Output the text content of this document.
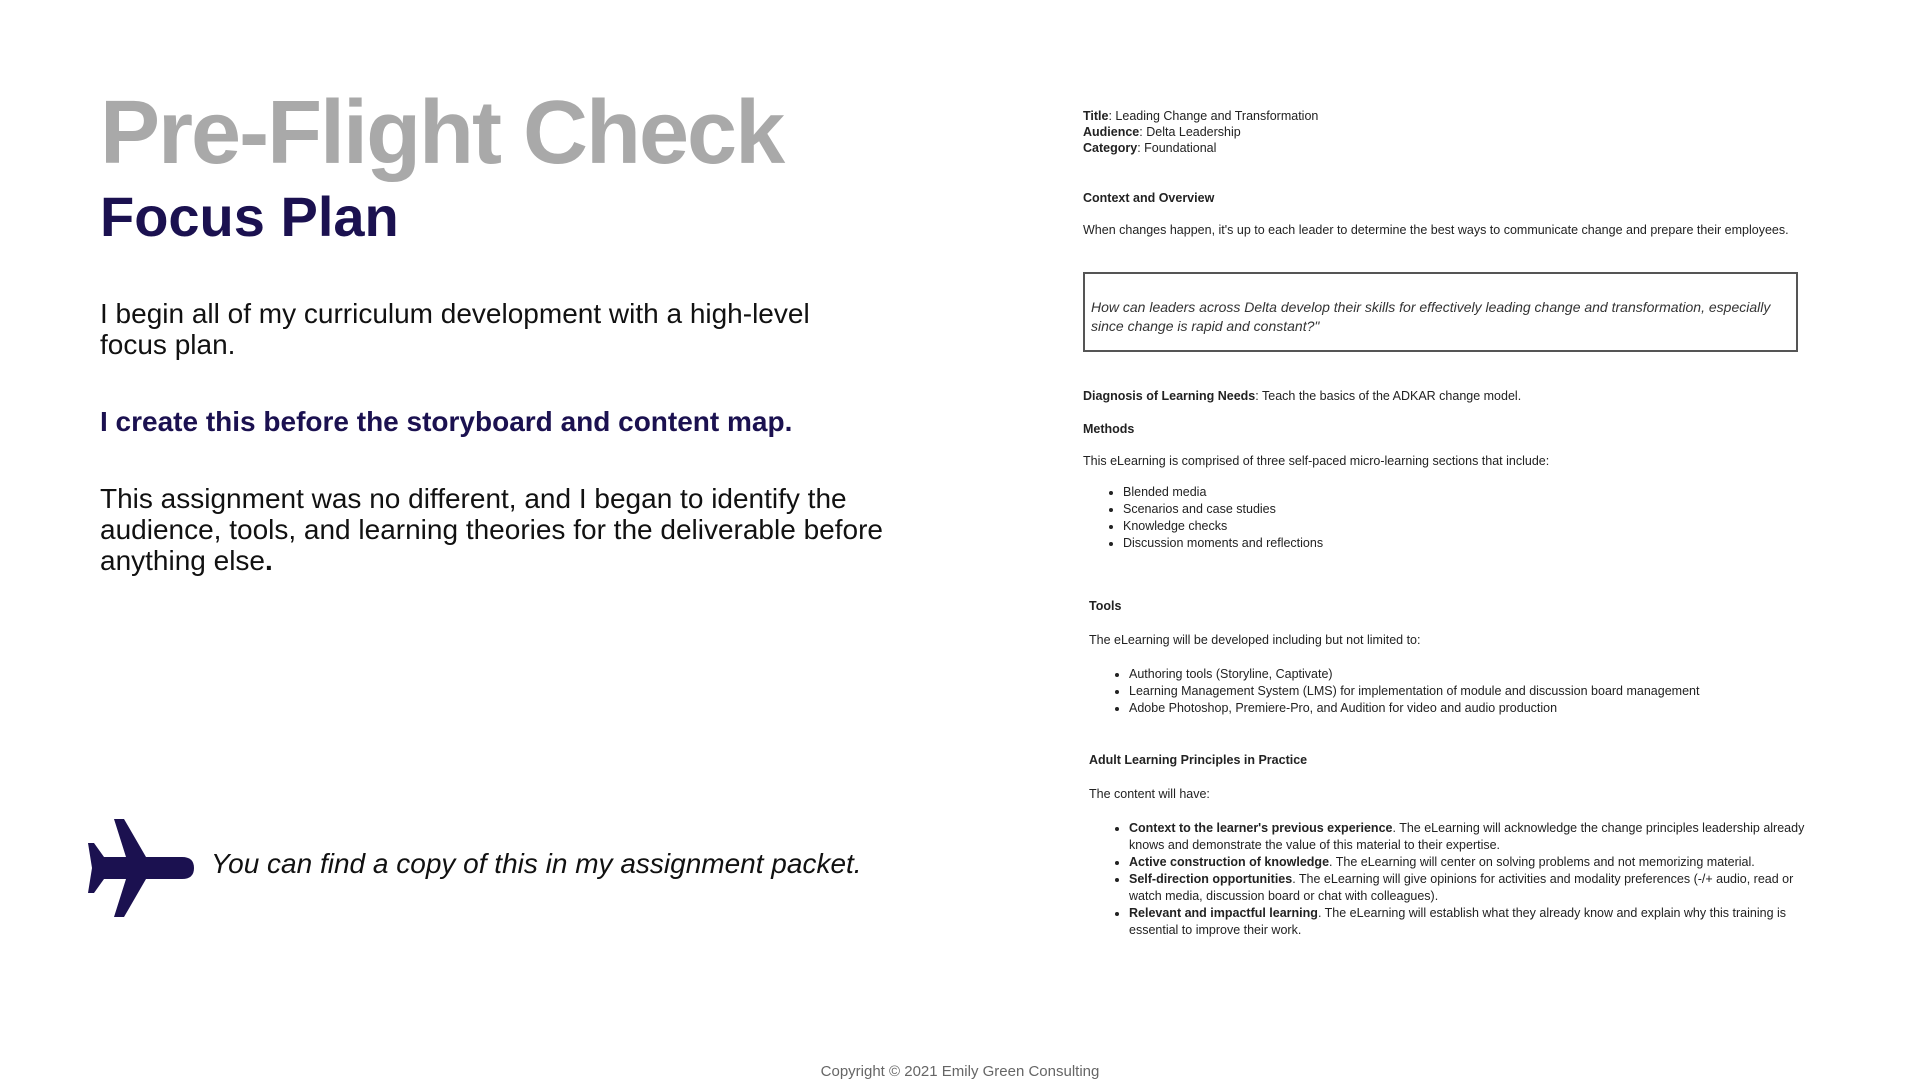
Pre-Flight Check
Focus Plan

I begin all of my curriculum development with a high-level focus plan.

I create this before the storyboard and content map.

This assignment was no different, and I began to identify the audience, tools, and learning theories for the deliverable before anything else.

You can find a copy of this in my assignment packet.
Title: Leading Change and Transformation
Audience: Delta Leadership
Category: Foundational
Context and Overview
When changes happen, it's up to each leader to determine the best ways to communicate change and prepare their employees.
How can leaders across Delta develop their skills for effectively leading change and transformation, especially since change is rapid and constant?"
Diagnosis of Learning Needs: Teach the basics of the ADKAR change model.
Methods
This eLearning is comprised of three self-paced micro-learning sections that include:
• Blended media
• Scenarios and case studies
• Knowledge checks
• Discussion moments and reflections
Tools
The eLearning will be developed including but not limited to:
• Authoring tools (Storyline, Captivate)
• Learning Management System (LMS) for implementation of module and discussion board management
• Adobe Photoshop, Premiere-Pro, and Audition for video and audio production
Adult Learning Principles in Practice
The content will have:
• Context to the learner's previous experience. The eLearning will acknowledge the change principles leadership already knows and demonstrate the value of this material to their expertise.
• Active construction of knowledge. The eLearning will center on solving problems and not memorizing material.
• Self-direction opportunities. The eLearning will give opinions for activities and modality preferences (-/+ audio, read or watch media, discussion board or chat with colleagues).
• Relevant and impactful learning. The eLearning will establish what they already know and explain why this training is essential to improve their work.
Copyright © 2021 Emily Green Consulting
